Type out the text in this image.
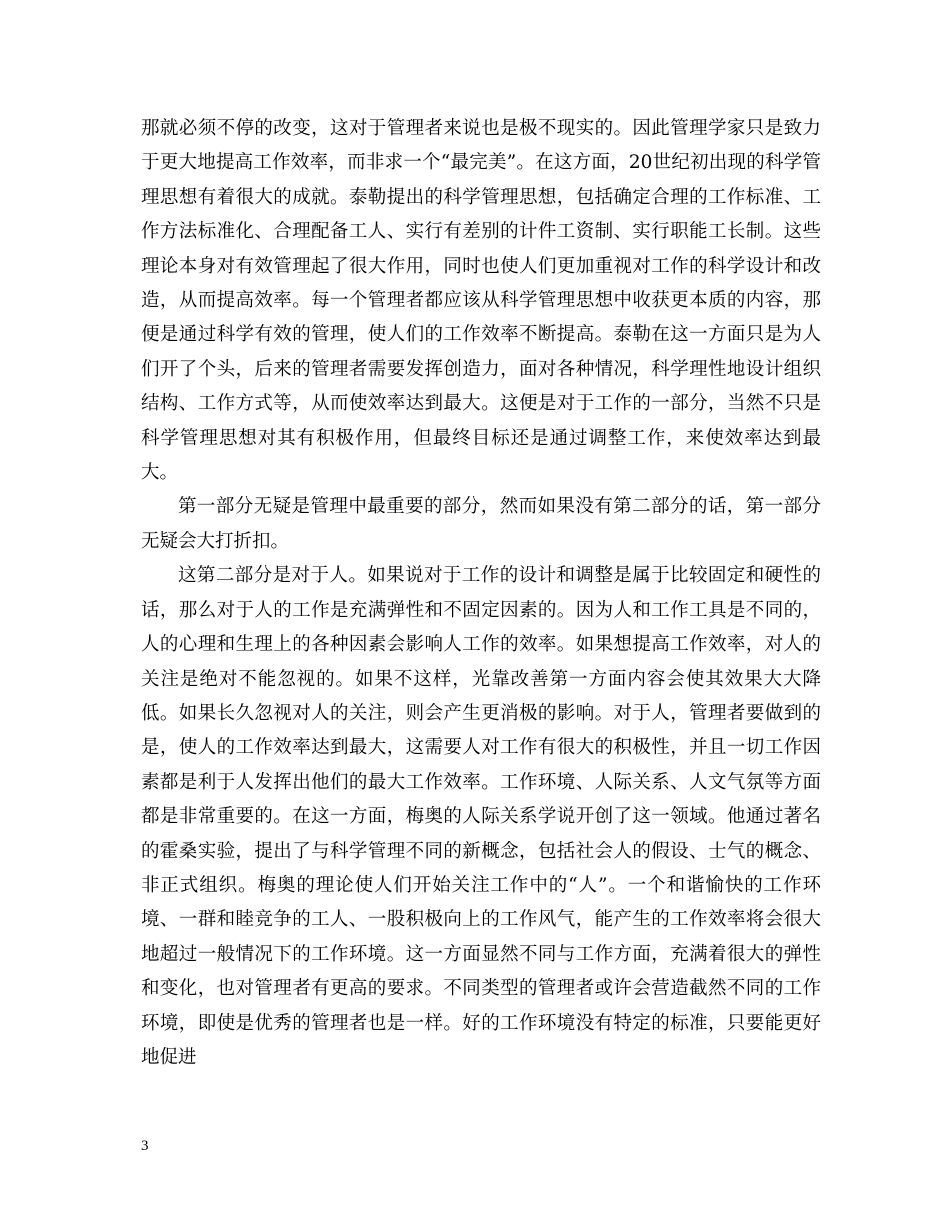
那就必须不停的改变，这对于管理者来说也是极不现实的。因此管理学家只是致力于更大地提高工作效率，而非求一个“最完美”。在这方面，20世纪初出现的科学管理思想有着很大的成就。泰勒提出的科学管理思想，包括确定合理的工作标准、工作方法标准化、合理配备工人、实行有差别的计件工资制、实行职能工长制。这些理论本身对有效管理起了很大作用，同时也使人们更加重视对工作的科学设计和改造，从而提高效率。每一个管理者都应该从科学管理思想中收获更本质的内容，那便是通过科学有效的管理，使人们的工作效率不断提高。泰勒在这一方面只是为人们开了个头，后来的管理者需要发挥创造力，面对各种情况，科学理性地设计组织结构、工作方式等，从而使效率达到最大。这便是对于工作的一部分，当然不只是科学管理思想对其有积极作用，但最终目标还是通过调整工作，来使效率达到最大。

第一部分无疑是管理中最重要的部分，然而如果没有第二部分的话，第一部分无疑会大打折扣。

这第二部分是对于人。如果说对于工作的设计和调整是属于比较固定和硬性的话，那么对于人的工作是充满弹性和不固定因素的。因为人和工作工具是不同的，人的心理和生理上的各种因素会影响人工作的效率。如果想提高工作效率，对人的关注是绝对不能忽视的。如果不这样，光靠改善第一方面内容会使其效果大大降低。如果长久忽视对人的关注，则会产生更消极的影响。对于人，管理者要做到的是，使人的工作效率达到最大，这需要人对工作有很大的积极性，并且一切工作因素都是利于人发挥出他们的最大工作效率。工作环境、人际关系、人文气氛等方面都是非常重要的。在这一方面，梅奥的人际关系学说开创了这一领域。他通过著名的霍桑实验，提出了与科学管理不同的新概念，包括社会人的假设、士气的概念、非正式组织。梅奥的理论使人们开始关注工作中的“人”。一个和谐愉快的工作环境、一群和睦竞争的工人、一股积极向上的工作风气，能产生的工作效率将会很大地超过一般情况下的工作环境。这一方面显然不同与工作方面，充满着很大的弹性和变化，也对管理者有更高的要求。不同类型的管理者或许会营造截然不同的工作环境，即使是优秀的管理者也是一样。好的工作环境没有特定的标准，只要能更好地促进

3
